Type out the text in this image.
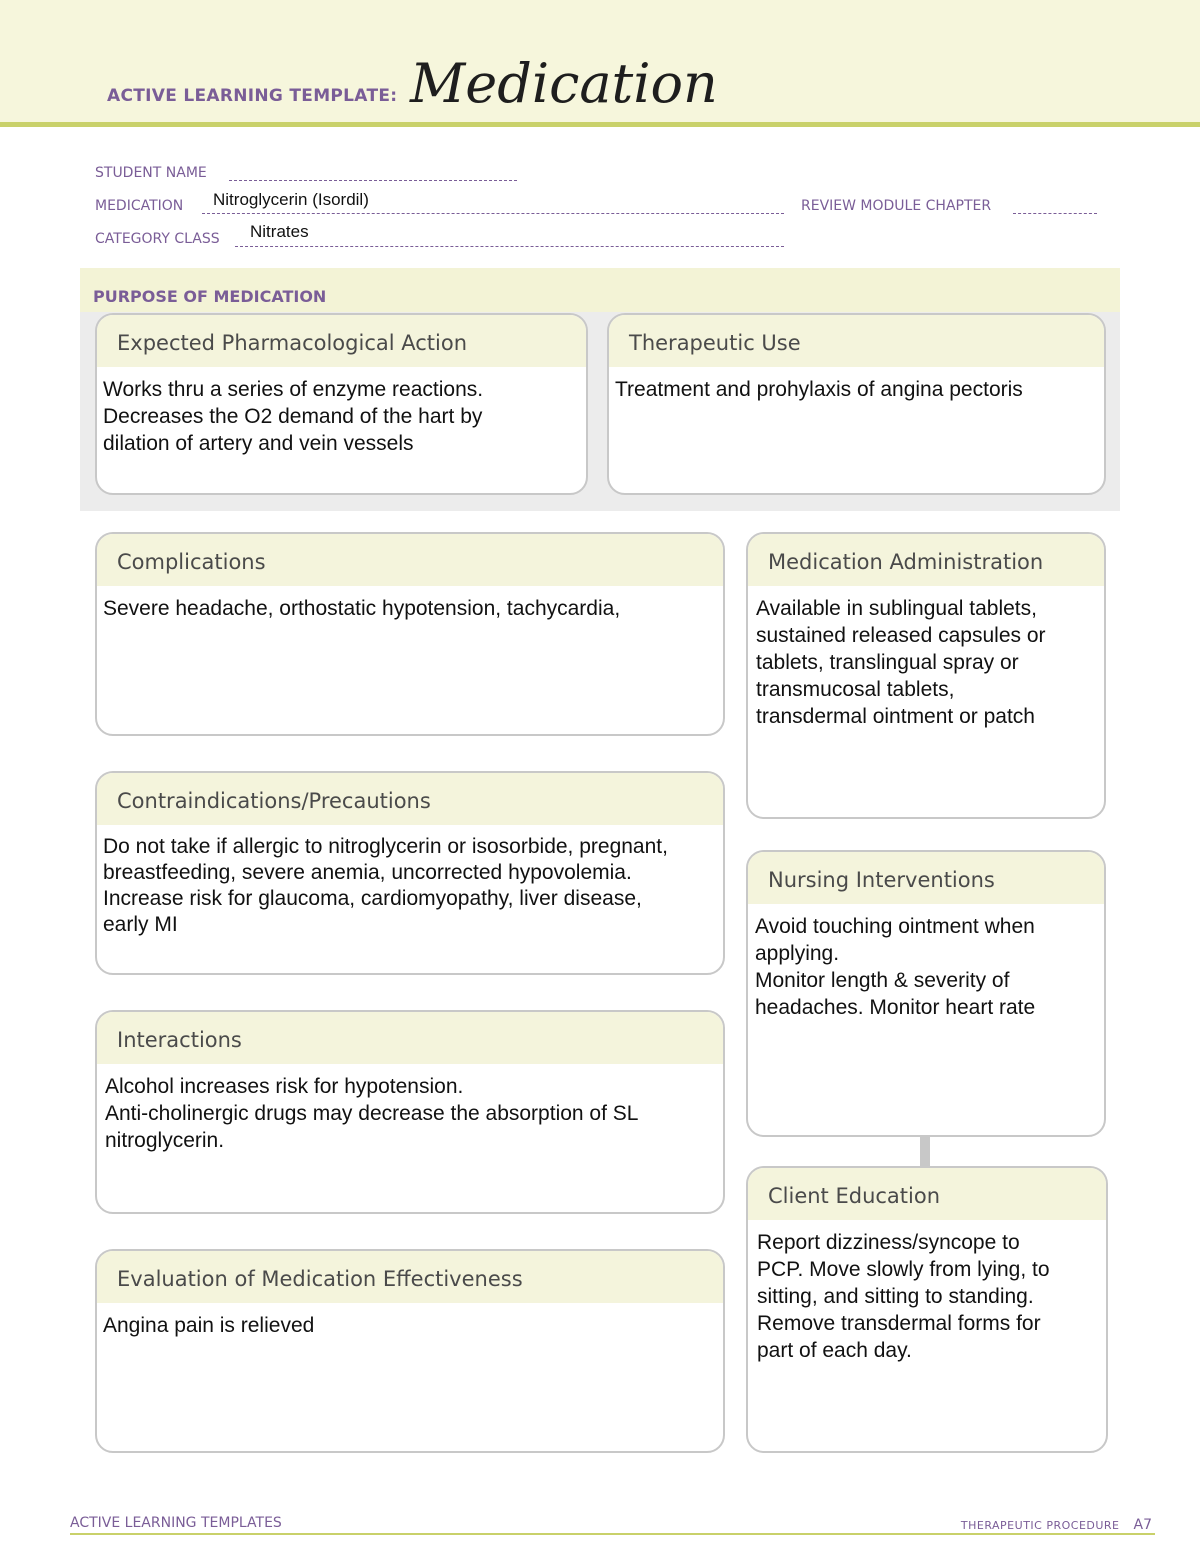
ACTIVE LEARNING TEMPLATE: Medication
STUDENT NAME
MEDICATION Nitroglycerin (Isordil)	REVIEW MODULE CHAPTER
CATEGORY CLASS Nitrates
PURPOSE OF MEDICATION
Expected Pharmacological Action
Works thru a series of enzyme reactions.
Decreases the O2 demand of the hart by
dilation of artery and vein vessels
Therapeutic Use
Treatment and prohylaxis of angina pectoris
Complications
Severe headache, orthostatic hypotension, tachycardia,
Contraindications/Precautions
Do not take if allergic to nitroglycerin or isosorbide, pregnant,
breastfeeding, severe anemia, uncorrected hypovolemia.
Increase risk for glaucoma, cardiomyopathy, liver disease,
early MI
Interactions
Alcohol increases risk for hypotension.
Anti-cholinergic drugs may decrease the absorption of SL
nitroglycerin.
Evaluation of Medication Effectiveness
Angina pain is relieved
Medication Administration
Available in sublingual tablets,
sustained released capsules or
tablets, translingual spray or
transmucosal tablets,
transdermal ointment or patch
Nursing Interventions
Avoid touching ointment when
applying.
Monitor length & severity of
headaches. Monitor heart rate
Client Education
Report dizziness/syncope to
PCP. Move slowly from lying, to
sitting, and sitting to standing.
Remove transdermal forms for
part of each day.
ACTIVE LEARNING TEMPLATES	THERAPEUTIC PROCEDURE A7
